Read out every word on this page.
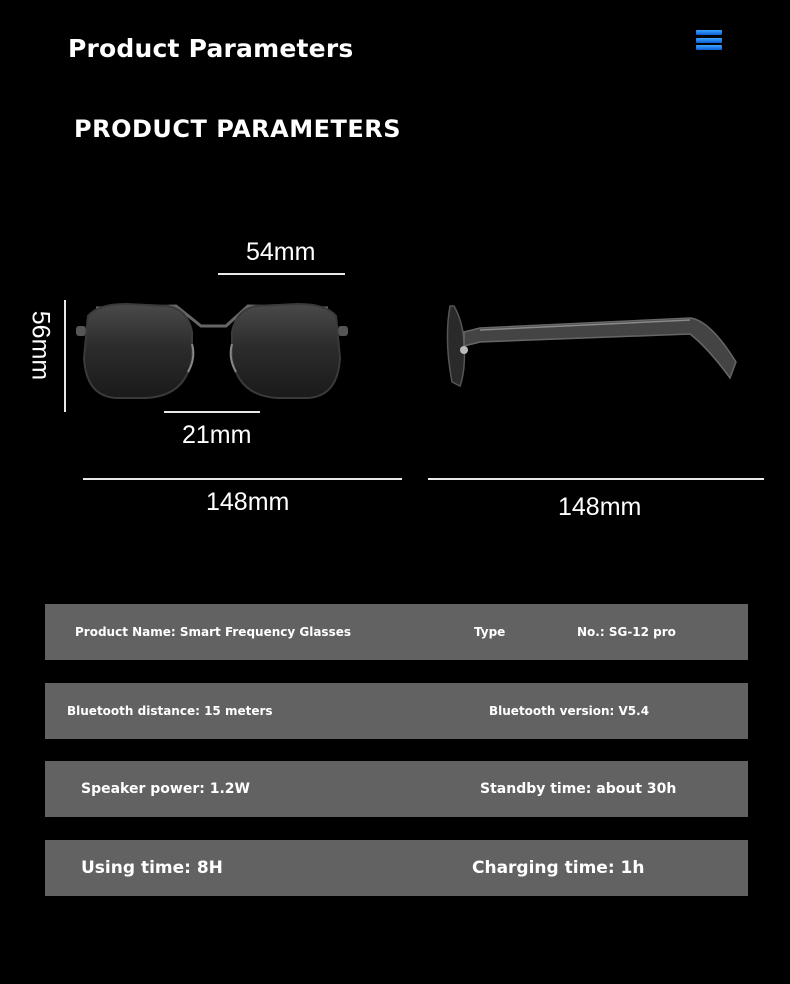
Product Parameters
PRODUCT PARAMETERS
54mm
56mm
21mm
148mm	148mm
Product Name: Smart Frequency Glasses	Type	No.: SG-12 pro
Bluetooth distance: 15 meters	Bluetooth version: V5.4
Speaker power: 1.2W	Standby time: about 30h
Using time: 8H	Charging time: 1h
